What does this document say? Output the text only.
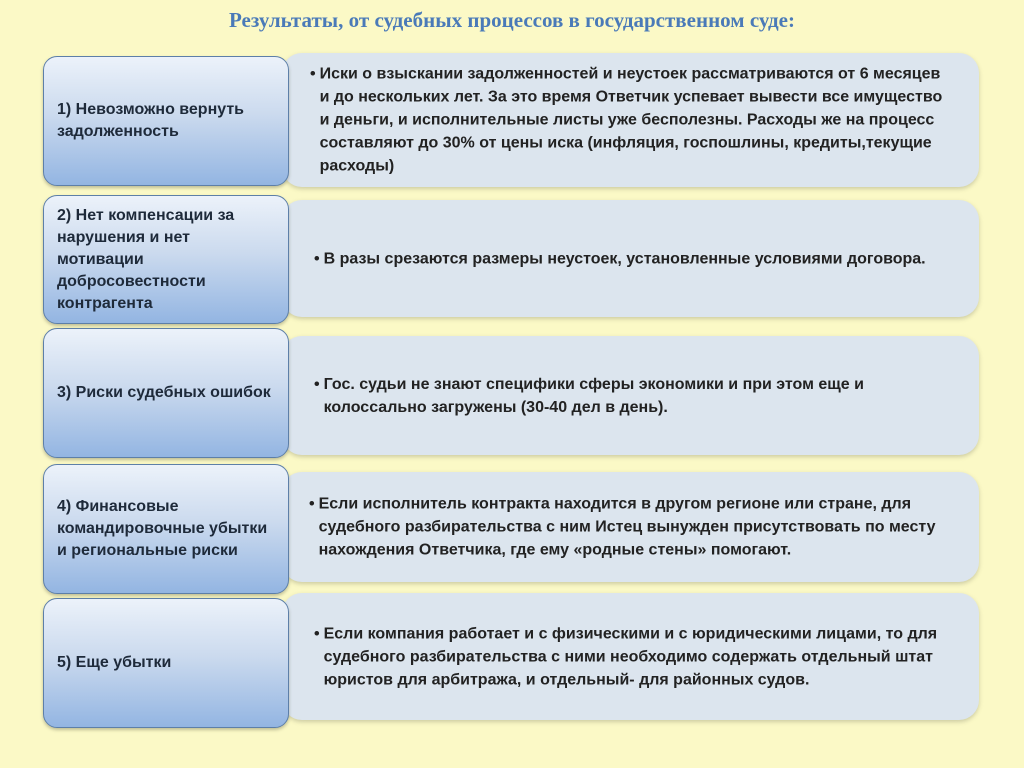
Результаты, от судебных процессов в государственном суде:
• Иски о взыскании задолженностей и неустоек рассматриваются от 6 месяцев и до нескольких лет. За это время Ответчик успевает вывести все имущество и деньги, и исполнительные листы уже бесполезны. Расходы же на процесс составляют до 30% от цены иска (инфляция, госпошлины, кредиты,текущие расходы)
1) Невозможно вернуть задолженность
• В разы срезаются размеры неустоек, установленные условиями договора.
2) Нет компенсации за нарушения и нет мотивации добросовестности контрагента
• Гос. судьи не знают специфики сферы экономики и при этом еще и колоссально загружены (30-40 дел в день).
3) Риски судебных ошибок
• Если исполнитель контракта находится в другом регионе или стране, для судебного разбирательства с ним Истец вынужден присутствовать по месту нахождения Ответчика, где ему «родные стены» помогают.
4) Финансовые командировочные убытки и региональные риски
• Если компания работает и с физическими и с юридическими лицами, то для судебного разбирательства с ними необходимо содержать отдельный штат юристов для арбитража, и отдельный- для районных судов.
5) Еще убытки
